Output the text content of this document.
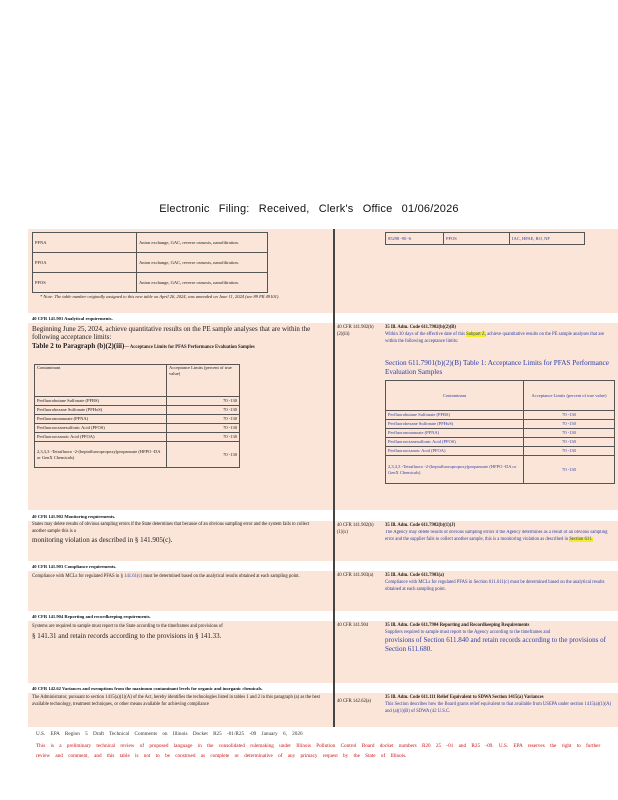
Electronic Filing: Received, Clerk's Office 01/06/2026
PFNA	Anion exchange, GAC, reverse osmosis, nanofiltration.
PFOA	Anion exchange, GAC, reverse osmosis, nanofiltration.
PFOS	Anion exchange, GAC, reverse osmosis, nanofiltration.
* Note: The table number originally assigned to this new table on April 26, 2024, was amended on June 11, 2024 (see 89 FR 49101).
85298 -90 -6	PFOS	IAC, HPAE, RO, NF
40 CFR 141.901 Analytical requirements.
Beginning June 25, 2024, achieve quantitative results on the PE sample analyses that are within the following acceptance limits:
Table 2 to Paragraph (b)(2)(iii)— Acceptance Limits for PFAS Performance Evaluation Samples
Contaminant	Acceptance Limits (percent of true value)
Perfluorobutane Sulfonate (PFBS)	70 -130
Perfluorohexane Sulfonate (PFHxS)	70 -130
Perfluorononanoate (PFNA)	70 -130
Perfluorooctanesulfonic Acid (PFOS)	70 -130
Perfluorooctanoic Acid (PFOA)	70 -130
2,3,3,3 -Tetrafluoro -2-(heptafluoropropoxy)propanoate (HFPO -DA or GenX Chemicals)	70 -130
40 CFR 141.902(b)(2)(iii)
35 Ill. Adm. Code 611.7902(b)(2)(B)
Within 30 days of the effective date of this Subpart Z, achieve quantitative results on the PE sample analyses that are within the following acceptance limits:
Section 611.7901(b)(2)(B) Table 1: Acceptance Limits for PFAS Performance Evaluation Samples
Contaminant	Acceptance Limits (percent of true value)
Perfluorobutane Sulfonate (PFBS)	70 -130
Perfluorohexane Sulfonate (PFHxS)	70 -130
Perfluorononanoate (PFNA)	70 -130
Perfluorooctanesulfonic Acid (PFOS)	70 -130
Perfluorooctanoic Acid (PFOA)	70 -130
2,3,3,3 -Tetrafluoro -2-(heptafluoropropoxy)propanoate (HFPO -DA or GenX Chemicals)	70 -130
40 CFR 141.902 Monitoring requirements.
States may delete results of obvious sampling errors if the State determines that because of an obvious sampling error and the system fails to collect another sample this is a
monitoring violation as described in § 141.905(c).
40 CFR 141.902(b)(1)(x)
35 Ill. Adm. Code 611.7902(b)(1)(J)
The Agency may delete results of obvious sampling errors if the Agency determines as a result of an obvious sampling error and the supplier fails to collect another sample, this is a monitoring violation as described in Section 611.
40 CFR 141.903 Compliance requirements.
Compliance with MCLs for regulated PFAS in § 141.61(c) must be determined based on the analytical results obtained at each sampling point.	40 CFR 141.903(a)	35 Ill. Adm. Code 611.7903(a)
Compliance with MCLs for regulated PFAS in Section 611.611(c) must be determined based on the analytical results obtained at each sampling point.
40 CFR 141.904 Reporting and recordkeeping requirements.
Systems are required to sample must report to the State according to the timeframes and provisions of
§ 141.31 and retain records according to the provisions in § 141.33.
40 CFR 141.904	35 Ill. Adm. Code 611.7904 Reporting and Recordkeeping Requirements
Suppliers required to sample must report to the Agency according to the timeframes and
provisions of Section 611.840 and retain records according to the provisions of Section 611.680.
40 CFR 142.62 Variances and exemptions from the maximum contaminant levels for organic and inorganic chemicals.
The Administrator, pursuant to section 1415(a)(1)(A) of the Act, hereby identifies the technologies listed in tables 1 and 2 in this paragraph (a) as the best available technology, treatment techniques, or other means available for achieving compliance
40 CFR 142.62(a)
35 Ill. Adm. Code 611.111 Relief Equivalent to SDWA Section 1415(a) Variances
This Section describes how the Board grants relief equivalent to that available from USEPA under section 1415(a)(1)(A) and (a)(1)(B) of SDWA (42 U.S.C.
U.S. EPA Region 5 Draft Technical Comments on Illinois Docket R25 -01/R25 -09 January 6, 2026
This is a preliminary technical review of proposed language in the consolidated rulemaking under Illinois Pollution Control Board docket numbers R20 25 -01 and R25 -09. U.S. EPA reserves the right to further review and comment, and this table is not to be construed as complete or determinative of any primacy request by the State of Illinois.
